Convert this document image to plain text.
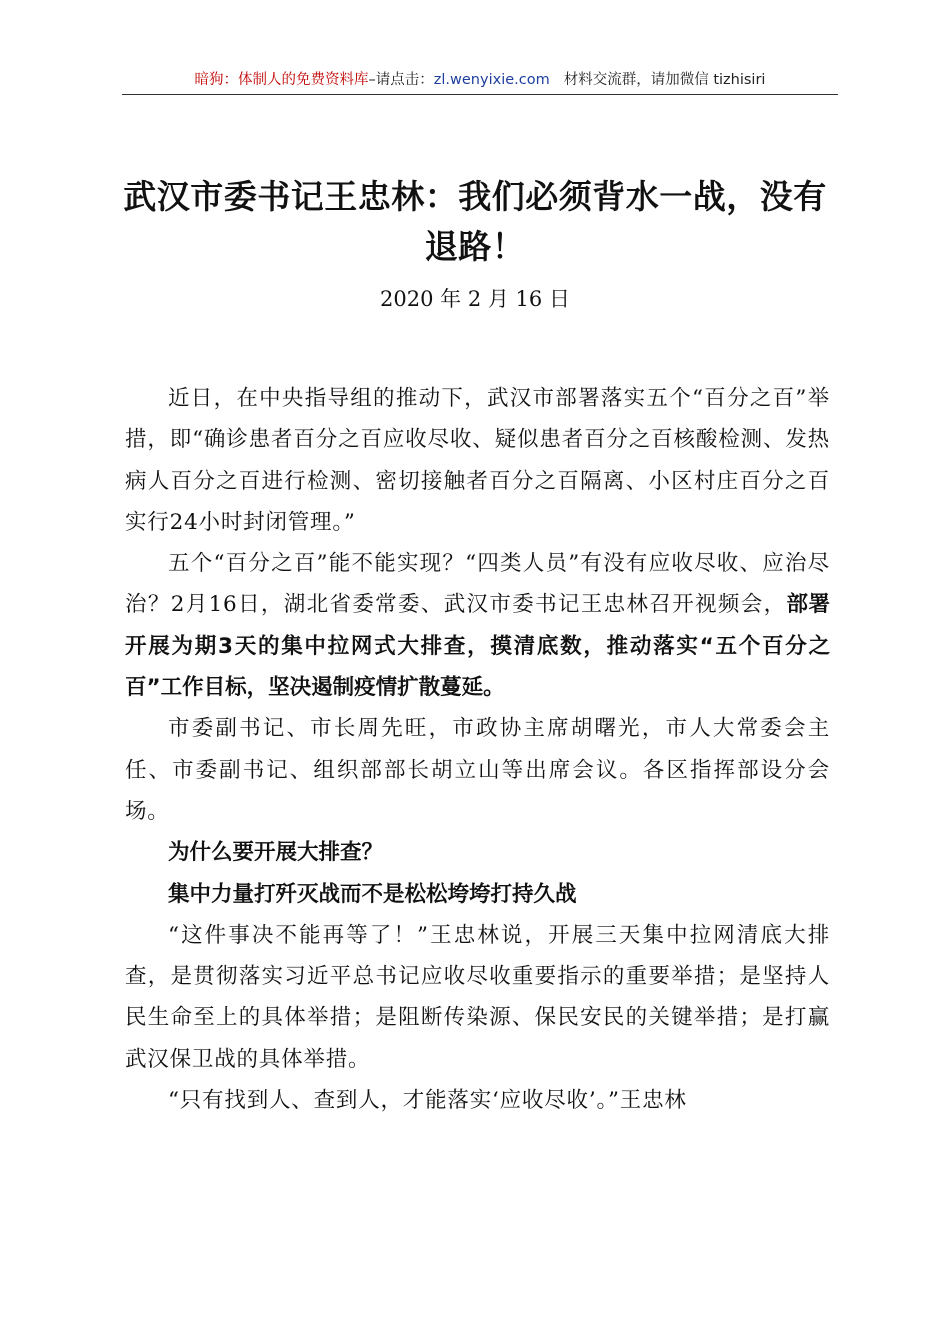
暗狗：体制人的免费资料库–请点击：zl.wenyixie.com 材料交流群，请加微信 tizhisiri
武汉市委书记王忠林：我们必须背水一战，没有退路！
2020 年 2 月 16 日

近日，在中央指导组的推动下，武汉市部署落实五个“百分之百”举措，即“确诊患者百分之百应收尽收、疑似患者百分之百核酸检测、发热病人百分之百进行检测、密切接触者百分之百隔离、小区村庄百分之百实行24小时封闭管理。”

五个“百分之百”能不能实现？“四类人员”有没有应收尽收、应治尽治？2月16日，湖北省委常委、武汉市委书记王忠林召开视频会，部署开展为期3天的集中拉网式大排查，摸清底数，推动落实“五个百分之百”工作目标，坚决遏制疫情扩散蔓延。

市委副书记、市长周先旺，市政协主席胡曙光，市人大常委会主任、市委副书记、组织部部长胡立山等出席会议。各区指挥部设分会场。

为什么要开展大排查？

集中力量打歼灭战而不是松松垮垮打持久战

“这件事决不能再等了！”王忠林说，开展三天集中拉网清底大排查，是贯彻落实习近平总书记应收尽收重要指示的重要举措；是坚持人民生命至上的具体举措；是阻断传染源、保民安民的关键举措；是打赢武汉保卫战的具体举措。

“只有找到人、查到人，才能落实‘应收尽收’。”王忠林
